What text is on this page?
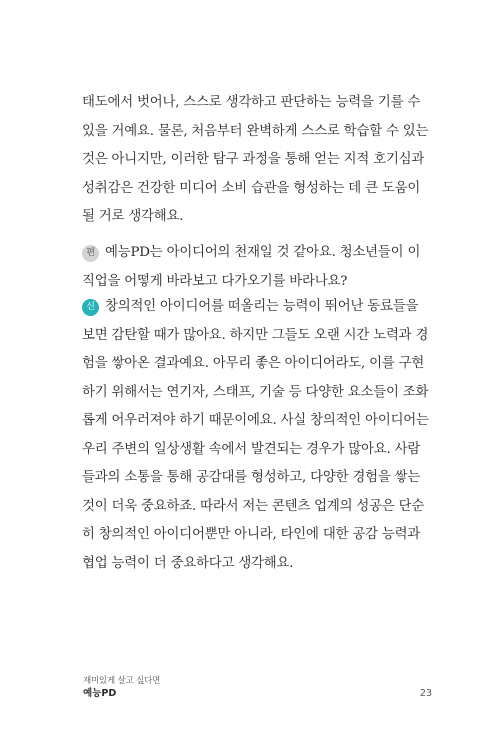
태도에서 벗어나, 스스로 생각하고 판단하는 능력을 기를 수
있을 거예요. 물론, 처음부터 완벽하게 스스로 학습할 수 있는
것은 아니지만, 이러한 탐구 과정을 통해 얻는 지적 호기심과
성취감은 건강한 미디어 소비 습관을 형성하는 데 큰 도움이
될 거로 생각해요.
편 예능PD는 아이디어의 천재일 것 같아요. 청소년들이 이
직업을 어떻게 바라보고 다가오기를 바라나요?
신 창의적인 아이디어를 떠올리는 능력이 뛰어난 동료들을
보면 감탄할 때가 많아요. 하지만 그들도 오랜 시간 노력과 경
험을 쌓아온 결과예요. 아무리 좋은 아이디어라도, 이를 구현
하기 위해서는 연기자, 스태프, 기술 등 다양한 요소들이 조화
롭게 어우러져야 하기 때문이에요. 사실 창의적인 아이디어는
우리 주변의 일상생활 속에서 발견되는 경우가 많아요. 사람
들과의 소통을 통해 공감대를 형성하고, 다양한 경험을 쌓는
것이 더욱 중요하죠. 따라서 저는 콘텐츠 업계의 성공은 단순
히 창의적인 아이디어뿐만 아니라, 타인에 대한 공감 능력과
협업 능력이 더 중요하다고 생각해요.
재미있게 살고 싶다면
예능PD	23
